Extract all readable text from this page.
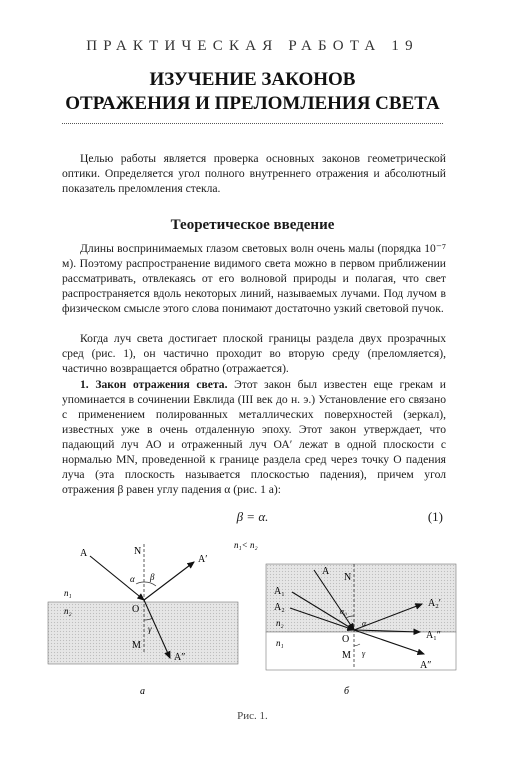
ПРАКТИЧЕСКАЯ РАБОТА 19
ИЗУЧЕНИЕ ЗАКОНОВ
ОТРАЖЕНИЯ И ПРЕЛОМЛЕНИЯ СВЕТА
Целью работы является проверка основных законов геометрической оптики. Определяется угол полного внутреннего отражения и абсолютный показатель преломления стекла.
Теоретическое введение
Длины воспринимаемых глазом световых волн очень малы (порядка 10⁻⁷ м). Поэтому распространение видимого света можно в первом приближении рассматривать, отвлекаясь от его волновой природы и полагая, что свет распространяется вдоль некоторых линий, называемых лучами. Под лучом в физическом смысле этого слова понимают достаточно узкий световой пучок.
Когда луч света достигает плоской границы раздела двух прозрачных сред (рис. 1), он частично проходит во вторую среду (преломляется), частично возвращается обратно (отражается).
1. Закон отражения света. Этот закон был известен еще грекам и упоминается в сочинении Евклида (III век до н. э.) Установление его связано с применением полированных металлических поверхностей (зеркал), известных уже в очень отдаленную эпоху. Этот закон утверждает, что падающий луч АО и отраженный луч ОА′ лежат в одной плоскости с нормалью MN, проведенной к границе раздела сред через точку О падения луча (эта плоскость называется плоскостью падения), причем угол отражения β равен углу падения α (рис. 1 а):
β = α.	(1)
A	N
A′
n₁
n₂	O
α β
γ
M
A″
а
n₁< n₂
A
N
A₁
A₂	α₀
α
n₂
n₁	O
γ
M
A₂′
A₁″
A″
б
Рис. 1.
